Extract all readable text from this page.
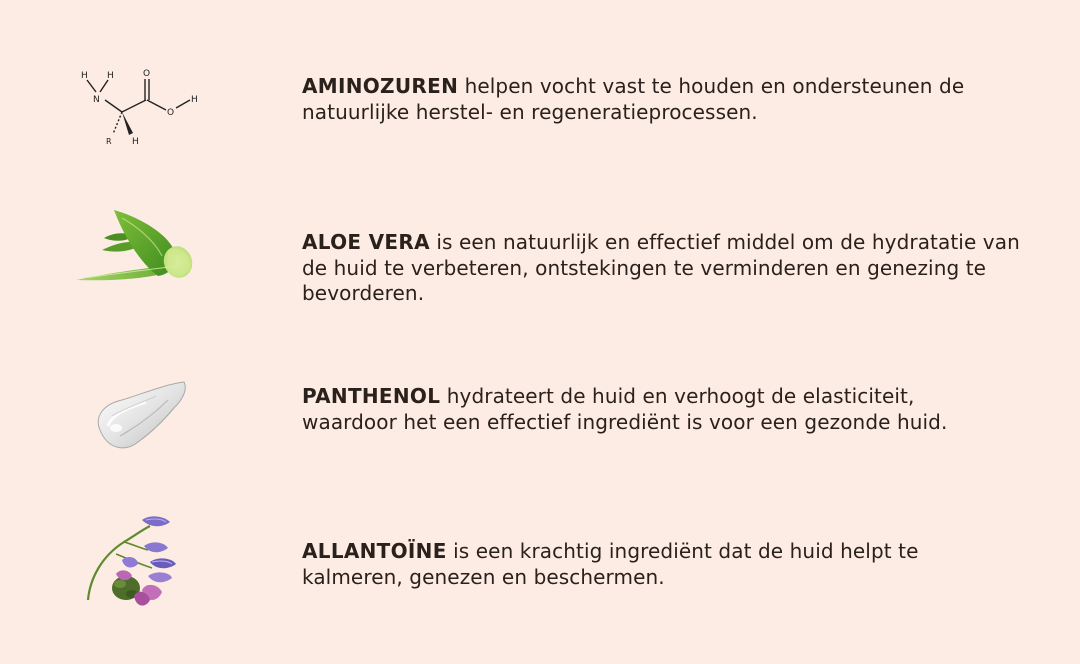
H H
N
O
O
H
R H

AMINOZUREN helpen vocht vast te houden en ondersteunen de natuurlijke herstel- en regeneratieprocessen.

ALOE VERA is een natuurlijk en effectief middel om de hydratatie van de huid te verbeteren, ontstekingen te verminderen en genezing te bevorderen.

PANTHENOL hydrateert de huid en verhoogt de elasticiteit, waardoor het een effectief ingrediënt is voor een gezonde huid.

ALLANTOÏNE is een krachtig ingrediënt dat de huid helpt te kalmeren, genezen en beschermen.
